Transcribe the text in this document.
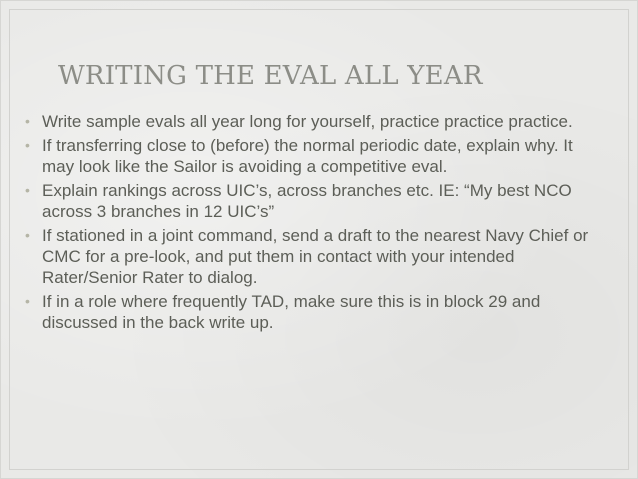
WRITING THE EVAL ALL YEAR
• Write sample evals all year long for yourself, practice practice practice.
• If transferring close to (before) the normal periodic date, explain why. It may look like the Sailor is avoiding a competitive eval.
• Explain rankings across UIC’s, across branches etc. IE: “My best NCO across 3 branches in 12 UIC’s”
• If stationed in a joint command, send a draft to the nearest Navy Chief or CMC for a pre-look, and put them in contact with your intended Rater/Senior Rater to dialog.
• If in a role where frequently TAD, make sure this is in block 29 and discussed in the back write up.
